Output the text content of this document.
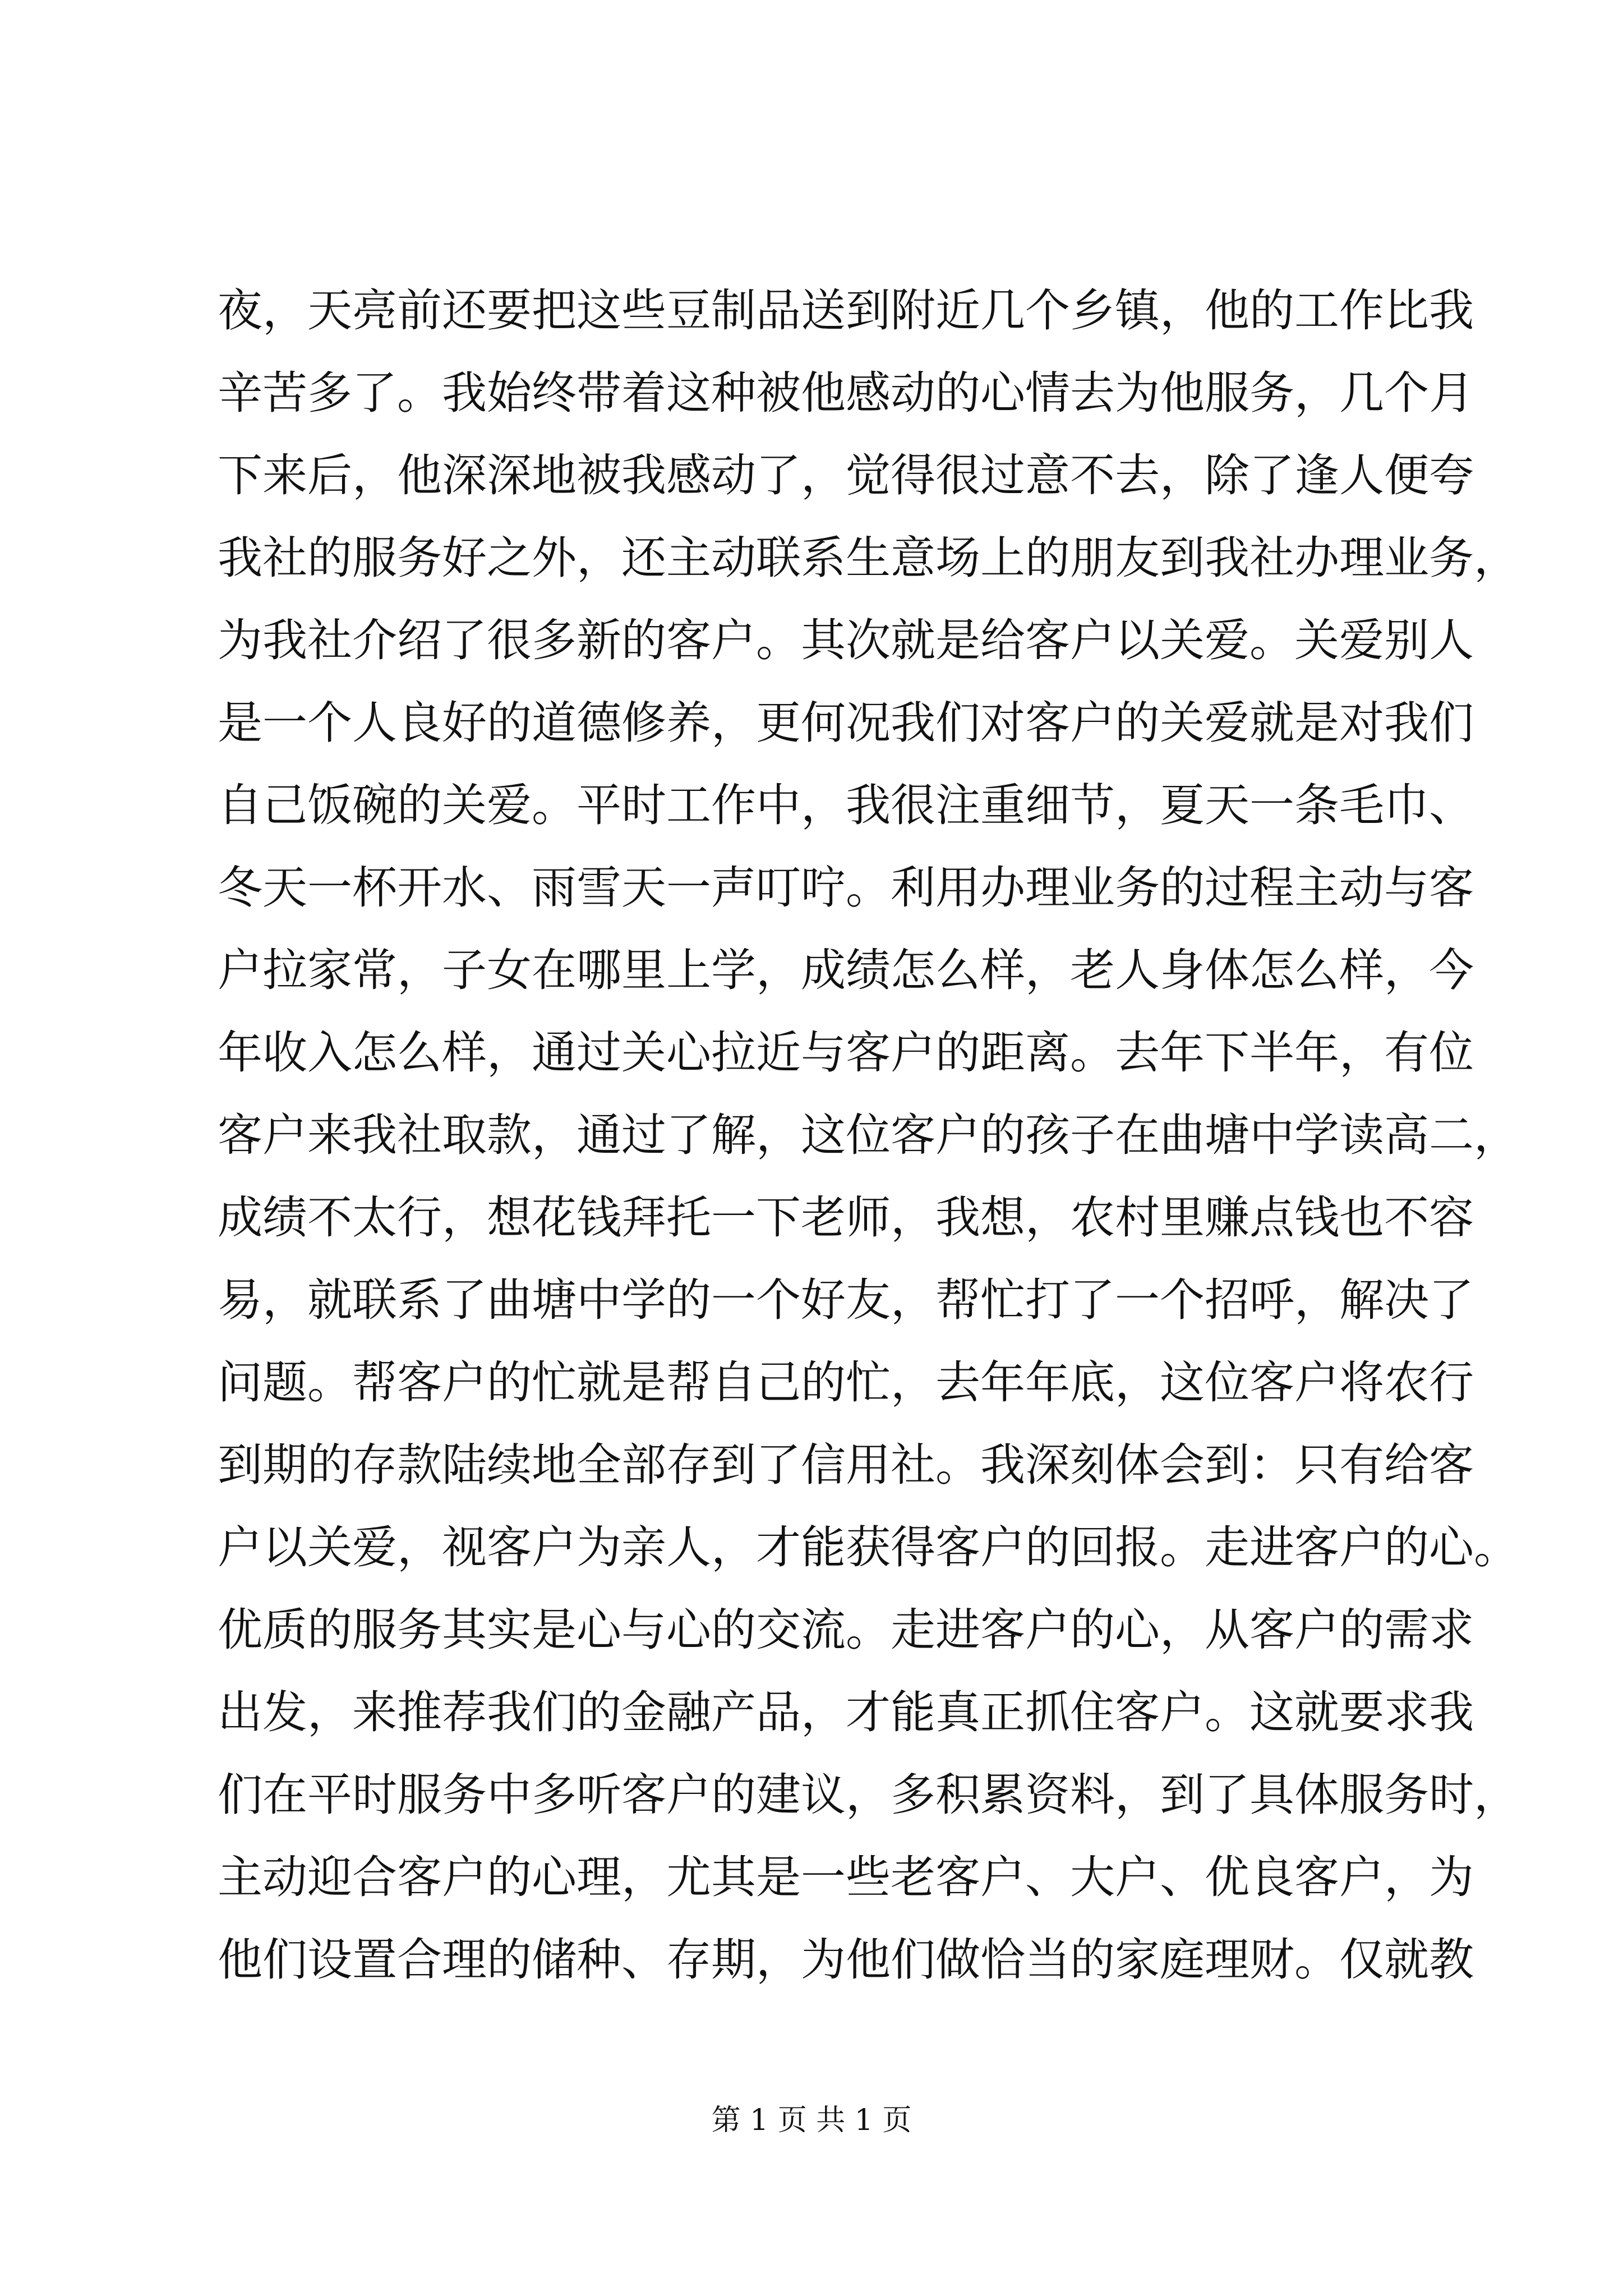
夜，天亮前还要把这些豆制品送到附近几个乡镇，他的工作比我
辛苦多了。我始终带着这种被他感动的心情去为他服务，几个月
下来后，他深深地被我感动了，觉得很过意不去，除了逢人便夸
我社的服务好之外，还主动联系生意场上的朋友到我社办理业务，
为我社介绍了很多新的客户。其次就是给客户以关爱。关爱别人
是一个人良好的道德修养，更何况我们对客户的关爱就是对我们
自己饭碗的关爱。平时工作中，我很注重细节，夏天一条毛巾、
冬天一杯开水、雨雪天一声叮咛。利用办理业务的过程主动与客
户拉家常，子女在哪里上学，成绩怎么样，老人身体怎么样，今
年收入怎么样，通过关心拉近与客户的距离。去年下半年，有位
客户来我社取款，通过了解，这位客户的孩子在曲塘中学读高二，
成绩不太行，想花钱拜托一下老师，我想，农村里赚点钱也不容
易，就联系了曲塘中学的一个好友，帮忙打了一个招呼，解决了
问题。帮客户的忙就是帮自己的忙，去年年底，这位客户将农行
到期的存款陆续地全部存到了信用社。我深刻体会到：只有给客
户以关爱，视客户为亲人，才能获得客户的回报。走进客户的心。
优质的服务其实是心与心的交流。走进客户的心，从客户的需求
出发，来推荐我们的金融产品，才能真正抓住客户。这就要求我
们在平时服务中多听客户的建议，多积累资料，到了具体服务时，
主动迎合客户的心理，尤其是一些老客户、大户、优良客户，为
他们设置合理的储种、存期，为他们做恰当的家庭理财。仅就教
第 1 页 共 1 页
